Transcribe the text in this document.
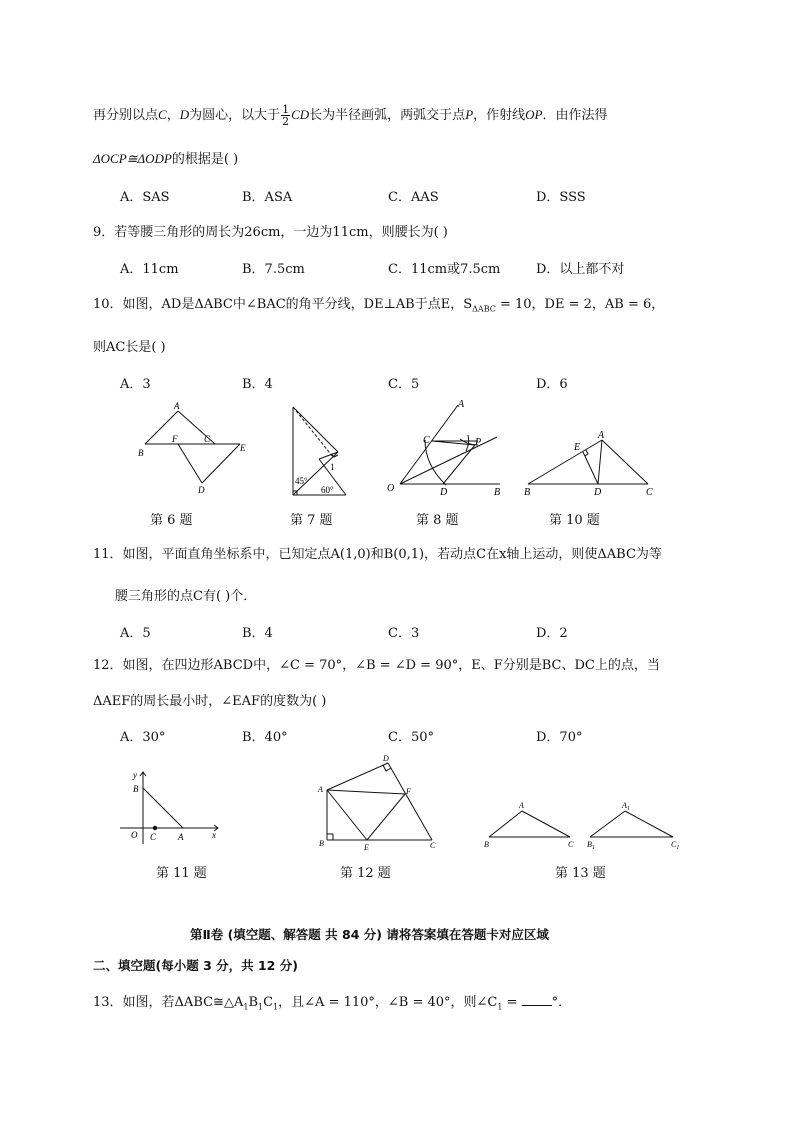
再分别以点C，D为圆心，以大于 $\frac{1}{2}$ CD长为半径画弧，两弧交于点P，作射线OP．由作法得
ΔOCP≅ΔODP的根据是( )
A．SAS	B．ASA	C．AAS	D．SSS
9．若等腰三角形的周长为26cm，一边为11cm，则腰长为( )
A．11cm	B．7.5cm	C．11cm或7.5cm	D．以上都不对
10．如图，AD是ΔABC中∠BAC的角平分线，DE⊥AB于点E，$S_{\Delta ABC} = 10$，DE = 2，AB = 6，
则AC长是( )
A．3	B．4	C．5	D．6
A
B
F	C
E
D
1
45°
60°
C
A
P
O	D	B
E
A
B	D	C
第 6 题	第 7 题	第 8 题	第 10 题
11．如图，平面直角坐标系中，已知定点A(1,0)和B(0,1)，若动点C在x轴上运动，则使ΔABC为等
腰三角形的点C有( )个．
A．5	B．4	C．3	D．2
12．如图，在四边形ABCD中，∠C = 70°，∠B = ∠D = 90°，E、F分别是BC、DC上的点，当
ΔAEF的周长最小时，∠EAF的度数为( )
A．30°	B．40°	C．50°	D．70°
y
x
B
O C A
D
A	F
B	E	C
A
B	C
$A_1$
$B_1$	$C_1$
第 11 题	第 12 题	第 13 题
第Ⅱ卷 (填空题、解答题 共 84 分) 请将答案填在答题卡对应区域
二、填空题(每小题 3 分，共 12 分)
13．如图，若$\Delta ABC≅\triangle A_1B_1C_1$，且∠A = 110°，∠B = 40°，则$\angle C_1$ = °．
